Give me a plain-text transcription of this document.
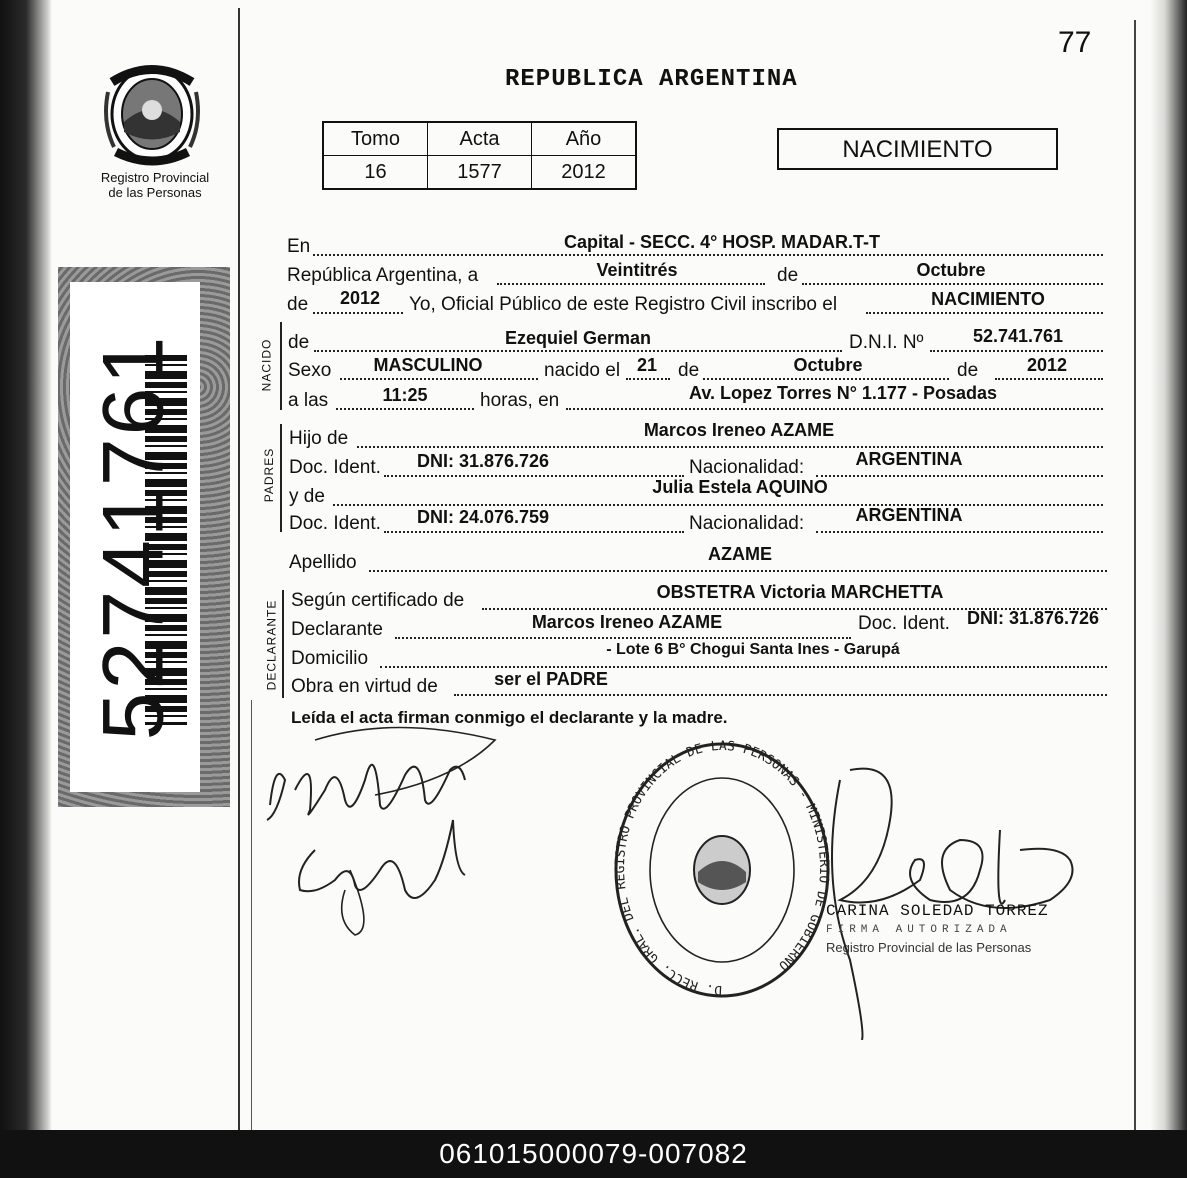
77
REPUBLICA ARGENTINA
Registro Provincial
de las Personas
Tomo	Acta	Año
16	1577	2012
NACIMIENTO
52741761
En	Capital - SECC. 4° HOSP. MADAR.T-T
República Argentina, a	Veintitrés	de	Octubre
de 2012 Yo, Oficial Público de este Registro Civil inscribo el	NACIMIENTO
NACIDO de	Ezequiel German	D.N.I. Nº	52.741.761
Sexo MASCULINO	nacido el 21 de	Octubre	de	2012
a las	11:25	horas, en	Av. Lopez Torres N° 1.177 - Posadas
PADRES
Hijo de	Marcos Ireneo AZAME
Doc. Ident. DNI: 31.876.726	Nacionalidad:	ARGENTINA
y de	Julia Estela AQUINO
Doc. Ident. DNI: 24.076.759	Nacionalidad:	ARGENTINA
Apellido	AZAME
DECLARANTE Según certificado de	OBSTETRA Victoria MARCHETTA
Declarante	Marcos Ireneo AZAME	Doc. Ident. DNI: 31.876.726
Domicilio	- Lote 6 B° Chogui Santa Ines - Garupá
Obra en virtud de	ser el PADRE
Leída el acta firman conmigo el declarante y la madre.
D. RECC. GRAL. DEL REGISTRO PROVINCIAL DE LAS PERSONAS - MINISTERIO DE GOBIERNO
CARINA SOLEDAD TORREZ
FIRMA AUTORIZADA
Registro Provincial de las Personas
061015000079-007082
